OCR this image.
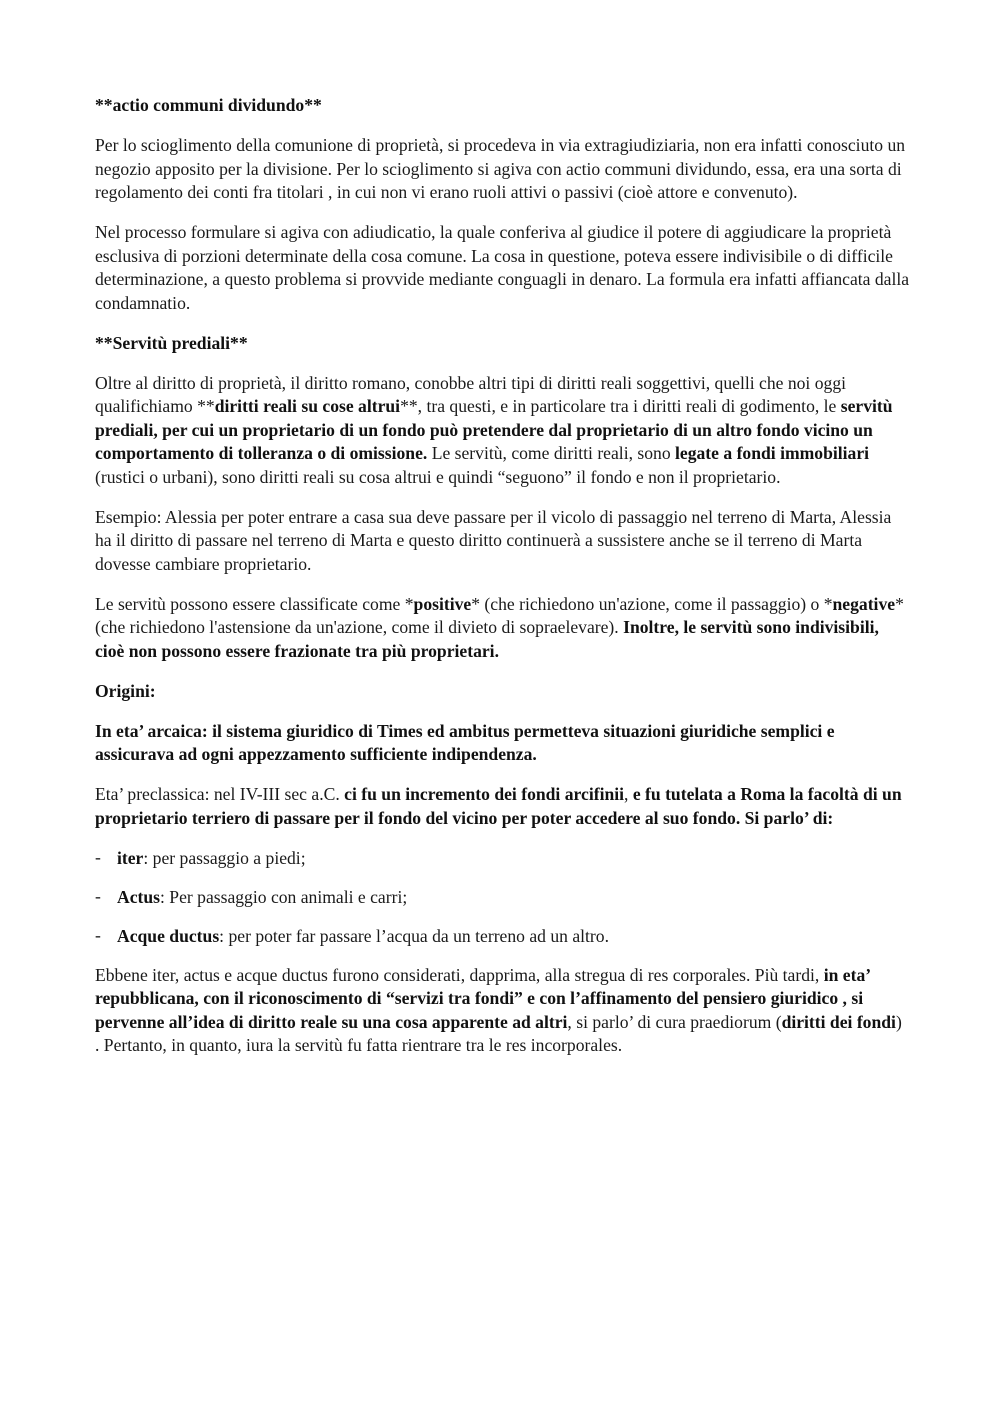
**actio communi dividundo**

Per lo scioglimento della comunione di proprietà, si procedeva in via extragiudiziaria, non era infatti conosciuto un negozio apposito per la divisione. Per lo scioglimento si agiva con actio communi dividundo, essa, era una sorta di regolamento dei conti fra titolari , in cui non vi erano ruoli attivi o passivi (cioè attore e convenuto).

Nel processo formulare si agiva con adiudicatio, la quale conferiva al giudice il potere di aggiudicare la proprietà esclusiva di porzioni determinate della cosa comune. La cosa in questione, poteva essere indivisibile o di difficile determinazione, a questo problema si provvide mediante conguagli in denaro. La formula era infatti affiancata dalla condamnatio.

**Servitù prediali**

Oltre al diritto di proprietà, il diritto romano, conobbe altri tipi di diritti reali soggettivi, quelli che noi oggi qualifichiamo **diritti reali su cose altrui**, tra questi, e in particolare tra i diritti reali di godimento, le servitù prediali, per cui un proprietario di un fondo può pretendere dal proprietario di un altro fondo vicino un comportamento di tolleranza o di omissione. Le servitù, come diritti reali, sono legate a fondi immobiliari (rustici o urbani), sono diritti reali su cosa altrui e quindi “seguono” il fondo e non il proprietario.

Esempio: Alessia per poter entrare a casa sua deve passare per il vicolo di passaggio nel terreno di Marta, Alessia ha il diritto di passare nel terreno di Marta e questo diritto continuerà a sussistere anche se il terreno di Marta dovesse cambiare proprietario.

Le servitù possono essere classificate come *positive* (che richiedono un'azione, come il passaggio) o *negative* (che richiedono l'astensione da un'azione, come il divieto di sopraelevare). Inoltre, le servitù sono indivisibili, cioè non possono essere frazionate tra più proprietari.

Origini:

In eta’ arcaica: il sistema giuridico di Times ed ambitus permetteva situazioni giuridiche semplici e assicurava ad ogni appezzamento sufficiente indipendenza.

Eta’ preclassica: nel IV-III sec a.C. ci fu un incremento dei fondi arcifinii, e fu tutelata a Roma la facoltà di un proprietario terriero di passare per il fondo del vicino per poter accedere al suo fondo. Si parlo’ di:

- iter: per passaggio a piedi;
- Actus: Per passaggio con animali e carri;
- Acque ductus: per poter far passare l’acqua da un terreno ad un altro.

Ebbene iter, actus e acque ductus furono considerati, dapprima, alla stregua di res corporales. Più tardi, in eta’ repubblicana, con il riconoscimento di “servizi tra fondi” e con l’affinamento del pensiero giuridico , si pervenne all’idea di diritto reale su una cosa apparente ad altri, si parlo’ di cura praediorum (diritti dei fondi) . Pertanto, in quanto, iura la servitù fu fatta rientrare tra le res incorporales.
